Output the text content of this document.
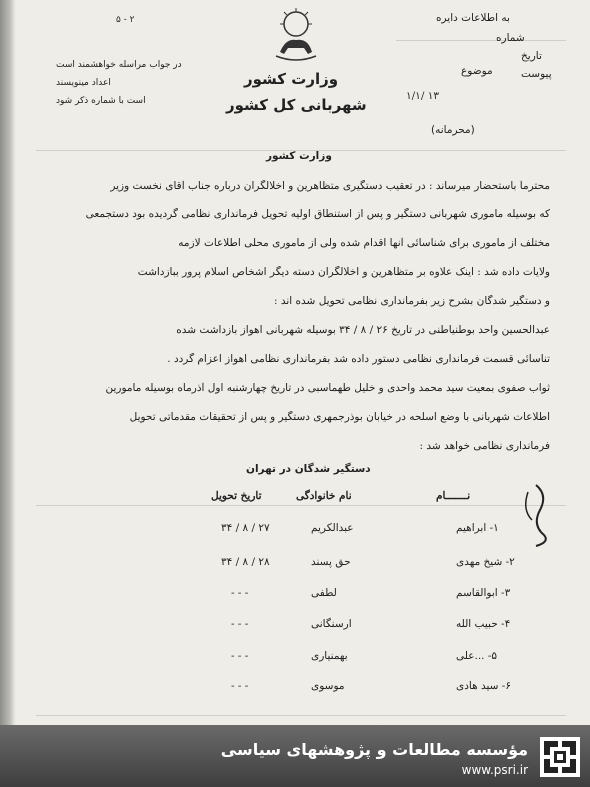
۵ - ۲
در جواب مراسله خواهشمند است
اعداد مینویسند
است با شماره ذکر شود
وزارت کشور
شهربانی کل کشور
(محرمانه)
به اطلاعات دایره
شماره
تاریخ
موضوع	پیوست
۱/۱/ ۱۳
وزارت کشور
محترماً باستحضار میرساند : در تعقیب دستگیری متظاهرین و اخلالگران درباره جناب آقای نخست وزیر
که بوسیله ماموری شهربانی دستگیر و پس از استنطاق اولیه تحویل فرمانداری نظامی گردیده بود دستجمعی
مختلف از ماموری برای شناسائی آنها اقدام شده ولی از ماموری محلی اطلاعات لازمه
ولایات داده شد : اینک علاوه بر متظاهرین و اخلالگران دسته دیگر اشخاص اسلام پرور ببازداشت
و دستگیر شدگان بشرح زیر بفرمانداری نظامی تحویل شده اند :
عبدالحسین واحد بوطنیاطنی در تاریخ ۲۶ / ۸ / ۳۴ بوسیله شهربانی اهواز بازداشت شده
تناسائی قسمت فرمانداری نظامی دستور داده شد بفرمانداری نظامی اهواز اعزام گردد .
ثواب صفوی بمعیت سید محمد واحدی و خلیل طهماسبی در تاریخ چهارشنبه اول آذرماه بوسیله مامورین
اطلاعات شهربانی با وضع اسلحه در خیابان بوذرجمهری دستگیر و پس از تحقیقات مقدماتی تحویل
فرمانداری نظامی خواهد شد :
دستگیر شدگان در تهران
نـــــــام
نام خانوادگی
تاریخ تحویل
۱- ابراهیم
عبدالکریم
۳۴ / ۸ / ۲۷
۲- شیخ مهدی
حق پسند
۳۴ / ۸ / ۲۸
۳- ابوالقاسم
لطفی
- - -
۴- حبیب الله
ارسنگانی
- - -
۵- ...علی
بهمنیاری
- - -
۶- سید هادی
موسوی
- - -
مؤسسه مطالعات و پژوهشهای سیاسی
www.psri.ir
